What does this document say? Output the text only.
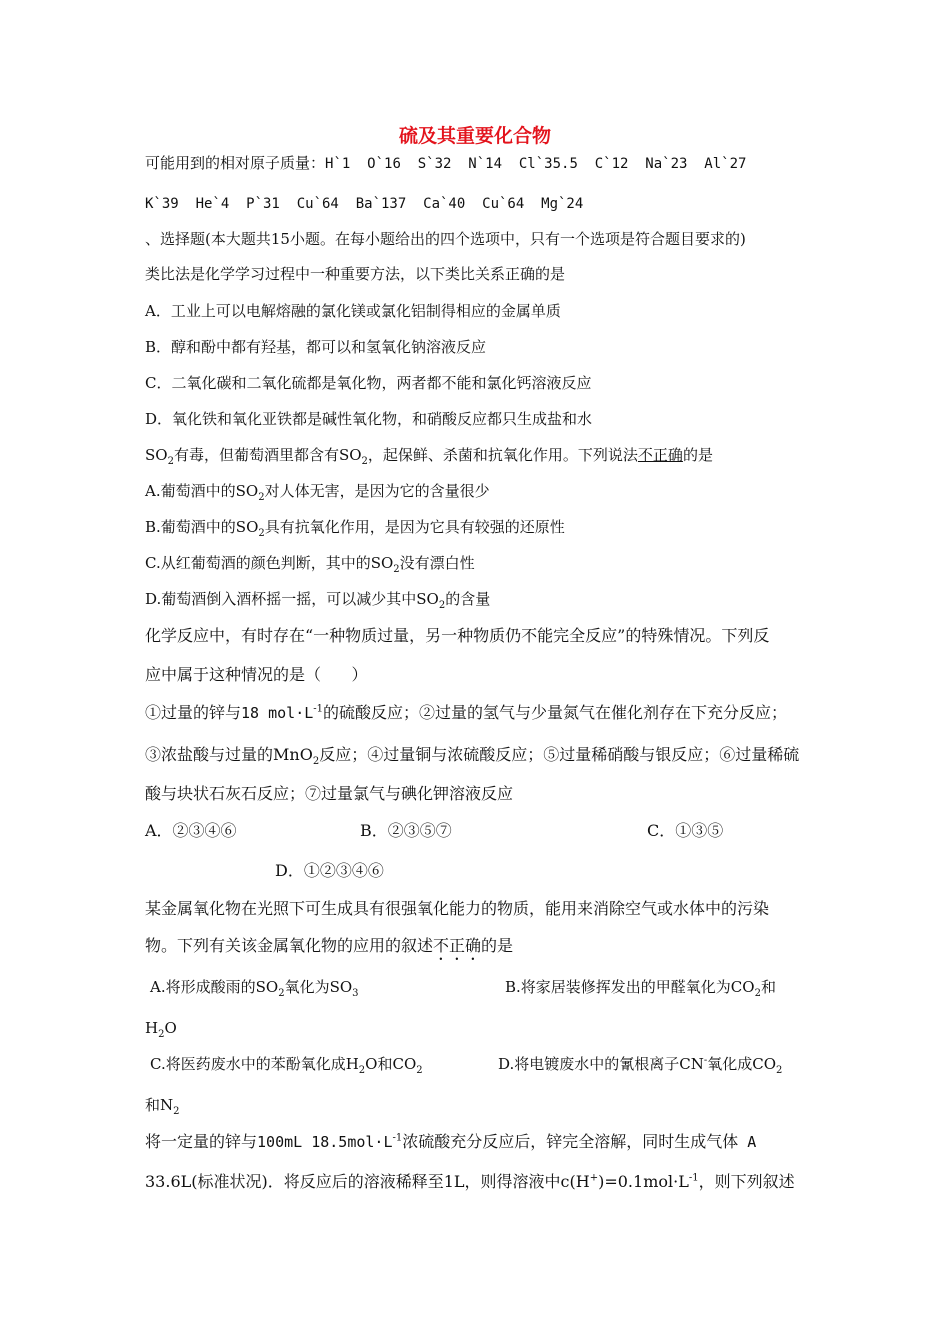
硫及其重要化合物
可能用到的相对原子质量：H`1  O`16  S`32  N`14  Cl`35.5  C`12  Na`23  Al`27
K`39  He`4  P`31  Cu`64  Ba`137  Ca`40  Cu`64  Mg`24
、选择题(本大题共15小题。在每小题给出的四个选项中，只有一个选项是符合题目要求的)
类比法是化学学习过程中一种重要方法，以下类比关系正确的是
A．工业上可以电解熔融的氯化镁或氯化铝制得相应的金属单质
B．醇和酚中都有羟基，都可以和氢氧化钠溶液反应
C．二氧化碳和二氧化硫都是氧化物，两者都不能和氯化钙溶液反应
D．氧化铁和氧化亚铁都是碱性氧化物，和硝酸反应都只生成盐和水
$SO_2$有毒，但葡萄酒里都含有$SO_2$，起保鲜、杀菌和抗氧化作用。下列说法不正确的是
A.葡萄酒中的$SO_2$对人体无害，是因为它的含量很少
B.葡萄酒中的$SO_2$具有抗氧化作用，是因为它具有较强的还原性
C.从红葡萄酒的颜色判断，其中的$SO_2$没有漂白性
D.葡萄酒倒入酒杯摇一摇，可以减少其中$SO_2$的含量
化学反应中，有时存在“一种物质过量，另一种物质仍不能完全反应”的特殊情况。下列反
应中属于这种情况的是（      ）
①过量的锌与18 $mol\cdot L^{-1}$的硫酸反应；②过量的氢气与少量氮气在催化剂存在下充分反应；
③浓盐酸与过量的MnO$_2$反应；④过量铜与浓硫酸反应；⑤过量稀硝酸与银反应；⑥过量稀硫
酸与块状石灰石反应；⑦过量氯气与碘化钾溶液反应
A．②③④⑥	B．②③⑤⑦	C．①③⑤
D．①②③④⑥
某金属氧化物在光照下可生成具有很强氧化能力的物质，能用来消除空气或水体中的污染
物。下列有关该金属氧化物的应用的叙述不正确的是
A.将形成酸雨的$SO_2$氧化为$SO_3$	B.将家居装修挥发出的甲醛氧化为$CO_2$和
$H_2O$
C.将医药废水中的苯酚氧化成$H_2O$和$CO_2$	D.将电镀废水中的氰根离子CN-氧化成$CO_2$
和$N_2$
将一定量的锌与100mL $18.5mol\cdot L^{-1}$浓硫酸充分反应后，锌完全溶解，同时生成气体 A
33.6L(标准状况)．将反应后的溶液稀释至1L，则得溶液中$c(H^+)=0.1mol\cdot L^{-1}$，则下列叙述
